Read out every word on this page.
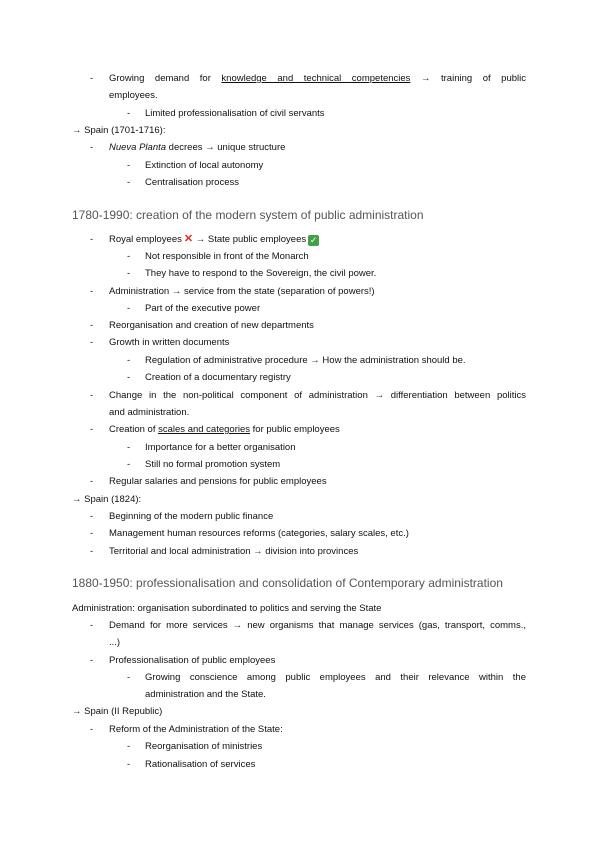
- Growing demand for knowledge and technical competencies → training of public
employees.
- Limited professionalisation of civil servants
→ Spain (1701-1716):
- Nueva Planta decrees → unique structure
- Extinction of local autonomy
- Centralisation process
1780-1990: creation of the modern system of public administration
- Royal employees ✕ → State public employees ✓
- Not responsible in front of the Monarch
- They have to respond to the Sovereign, the civil power.
- Administration → service from the state (separation of powers!)
- Part of the executive power
- Reorganisation and creation of new departments
- Growth in written documents
- Regulation of administrative procedure → How the administration should be.
- Creation of a documentary registry
- Change in the non-political component of administration → differentiation between politics
and administration.
- Creation of scales and categories for public employees
- Importance for a better organisation
- Still no formal promotion system
- Regular salaries and pensions for public employees
→ Spain (1824):
- Beginning of the modern public finance
- Management human resources reforms (categories, salary scales, etc.)
- Territorial and local administration → division into provinces
1880-1950: professionalisation and consolidation of Contemporary administration
Administration: organisation subordinated to politics and serving the State
- Demand for more services → new organisms that manage services (gas, transport, comms.,
...)
- Professionalisation of public employees
- Growing conscience among public employees and their relevance within the
administration and the State.
→ Spain (II Republic)
- Reform of the Administration of the State:
- Reorganisation of ministries
- Rationalisation of services
